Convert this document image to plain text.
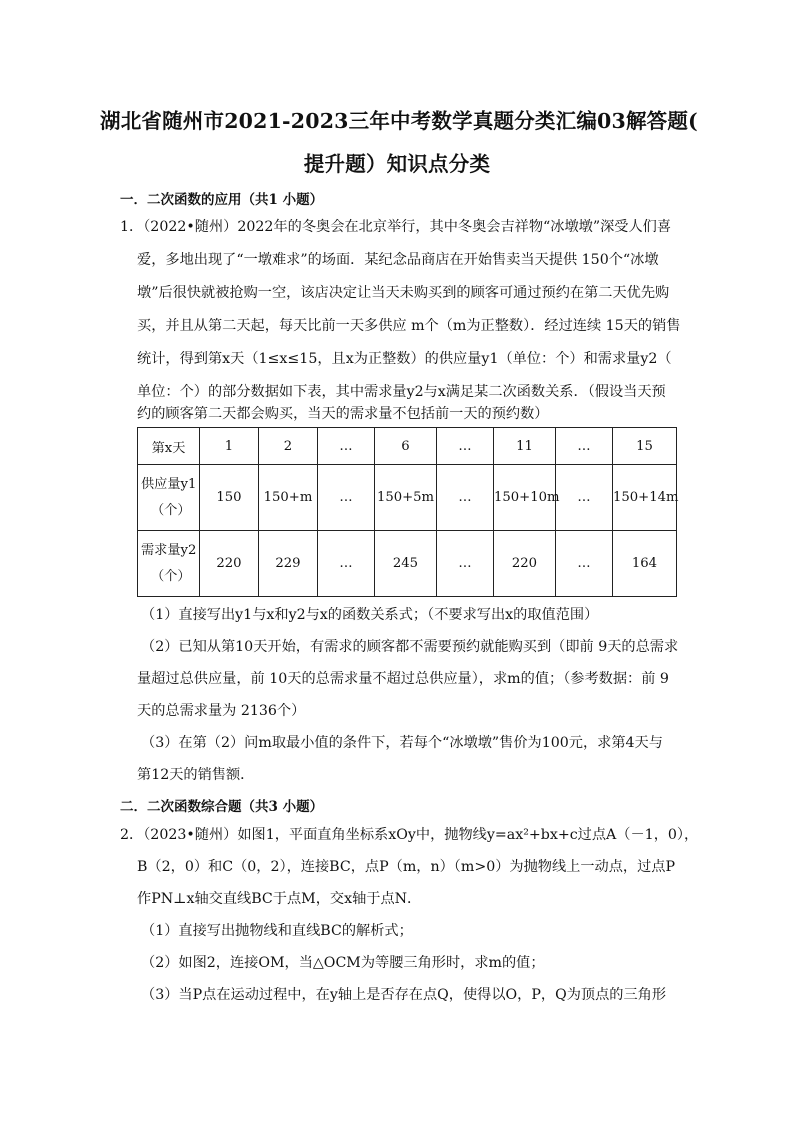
湖北省随州市2021-2023三年中考数学真题分类汇编03解答题(
提升题）知识点分类
一．二次函数的应用（共1 小题）
1．（2022•随州）2022年的冬奥会在北京举行，其中冬奥会吉祥物“冰墩墩”深受人们喜
爱，多地出现了“一墩难求”的场面．某纪念品商店在开始售卖当天提供 150个“冰墩
墩”后很快就被抢购一空，该店决定让当天未购买到的顾客可通过预约在第二天优先购
买，并且从第二天起，每天比前一天多供应 m个（m为正整数）．经过连续 15天的销售
统计，得到第x天（1≤x≤15，且x为正整数）的供应量y1（单位：个）和需求量y2（
单位：个）的部分数据如下表，其中需求量y2与x满足某二次函数关系．（假设当天预
约的顾客第二天都会购买，当天的需求量不包括前一天的预约数）
第x天	1	2	…	6	…	11	…	15
供应量y1
（个）	150	150+m	…	150+5m	…	150+10m	…	150+14m
需求量y2
（个）	220	229	…	245	…	220	…	164
（1）直接写出y1与x和y2与x的函数关系式；（不要求写出x的取值范围）
（2）已知从第10天开始，有需求的顾客都不需要预约就能购买到（即前 9天的总需求
量超过总供应量，前 10天的总需求量不超过总供应量），求m的值；（参考数据：前 9
天的总需求量为 2136个）
（3）在第（2）问m取最小值的条件下，若每个“冰墩墩”售价为100元，求第4天与
第12天的销售额．
二．二次函数综合题（共3 小题）
2．（2023•随州）如图1，平面直角坐标系xOy中，抛物线y=ax²+bx+c过点A（－1，0），
B（2，0）和C（0，2），连接BC，点P（m，n）（m>0）为抛物线上一动点，过点P
作PN⊥x轴交直线BC于点M，交x轴于点N．
（1）直接写出抛物线和直线BC的解析式；
（2）如图2，连接OM，当△OCM为等腰三角形时，求m的值；
（3）当P点在运动过程中，在y轴上是否存在点Q，使得以O，P，Q为顶点的三角形
